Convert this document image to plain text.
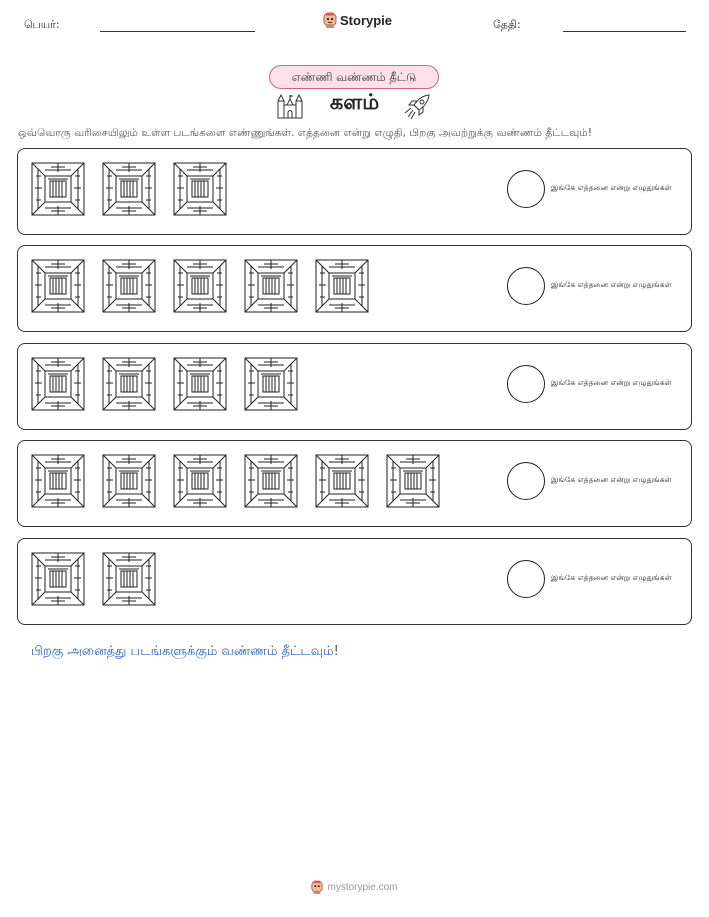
பெயர்:	Storypie	தேதி:
எண்ணி வண்ணம் தீட்டு
களம்
ஒவ்வொரு வரிசையிலும் உள்ள படங்களை எண்ணுங்கள். எத்தனை என்று எழுதி, பிறகு அவற்றுக்கு வண்ணம் தீட்டவும்!
இங்கே எத்தனை என்று எழுதுங்கள்
இங்கே எத்தனை என்று எழுதுங்கள்
இங்கே எத்தனை என்று எழுதுங்கள்
இங்கே எத்தனை என்று எழுதுங்கள்
இங்கே எத்தனை என்று எழுதுங்கள்
பிறகு அனைத்து படங்களுக்கும் வண்ணம் தீட்டவும்!
mystorypie.com
